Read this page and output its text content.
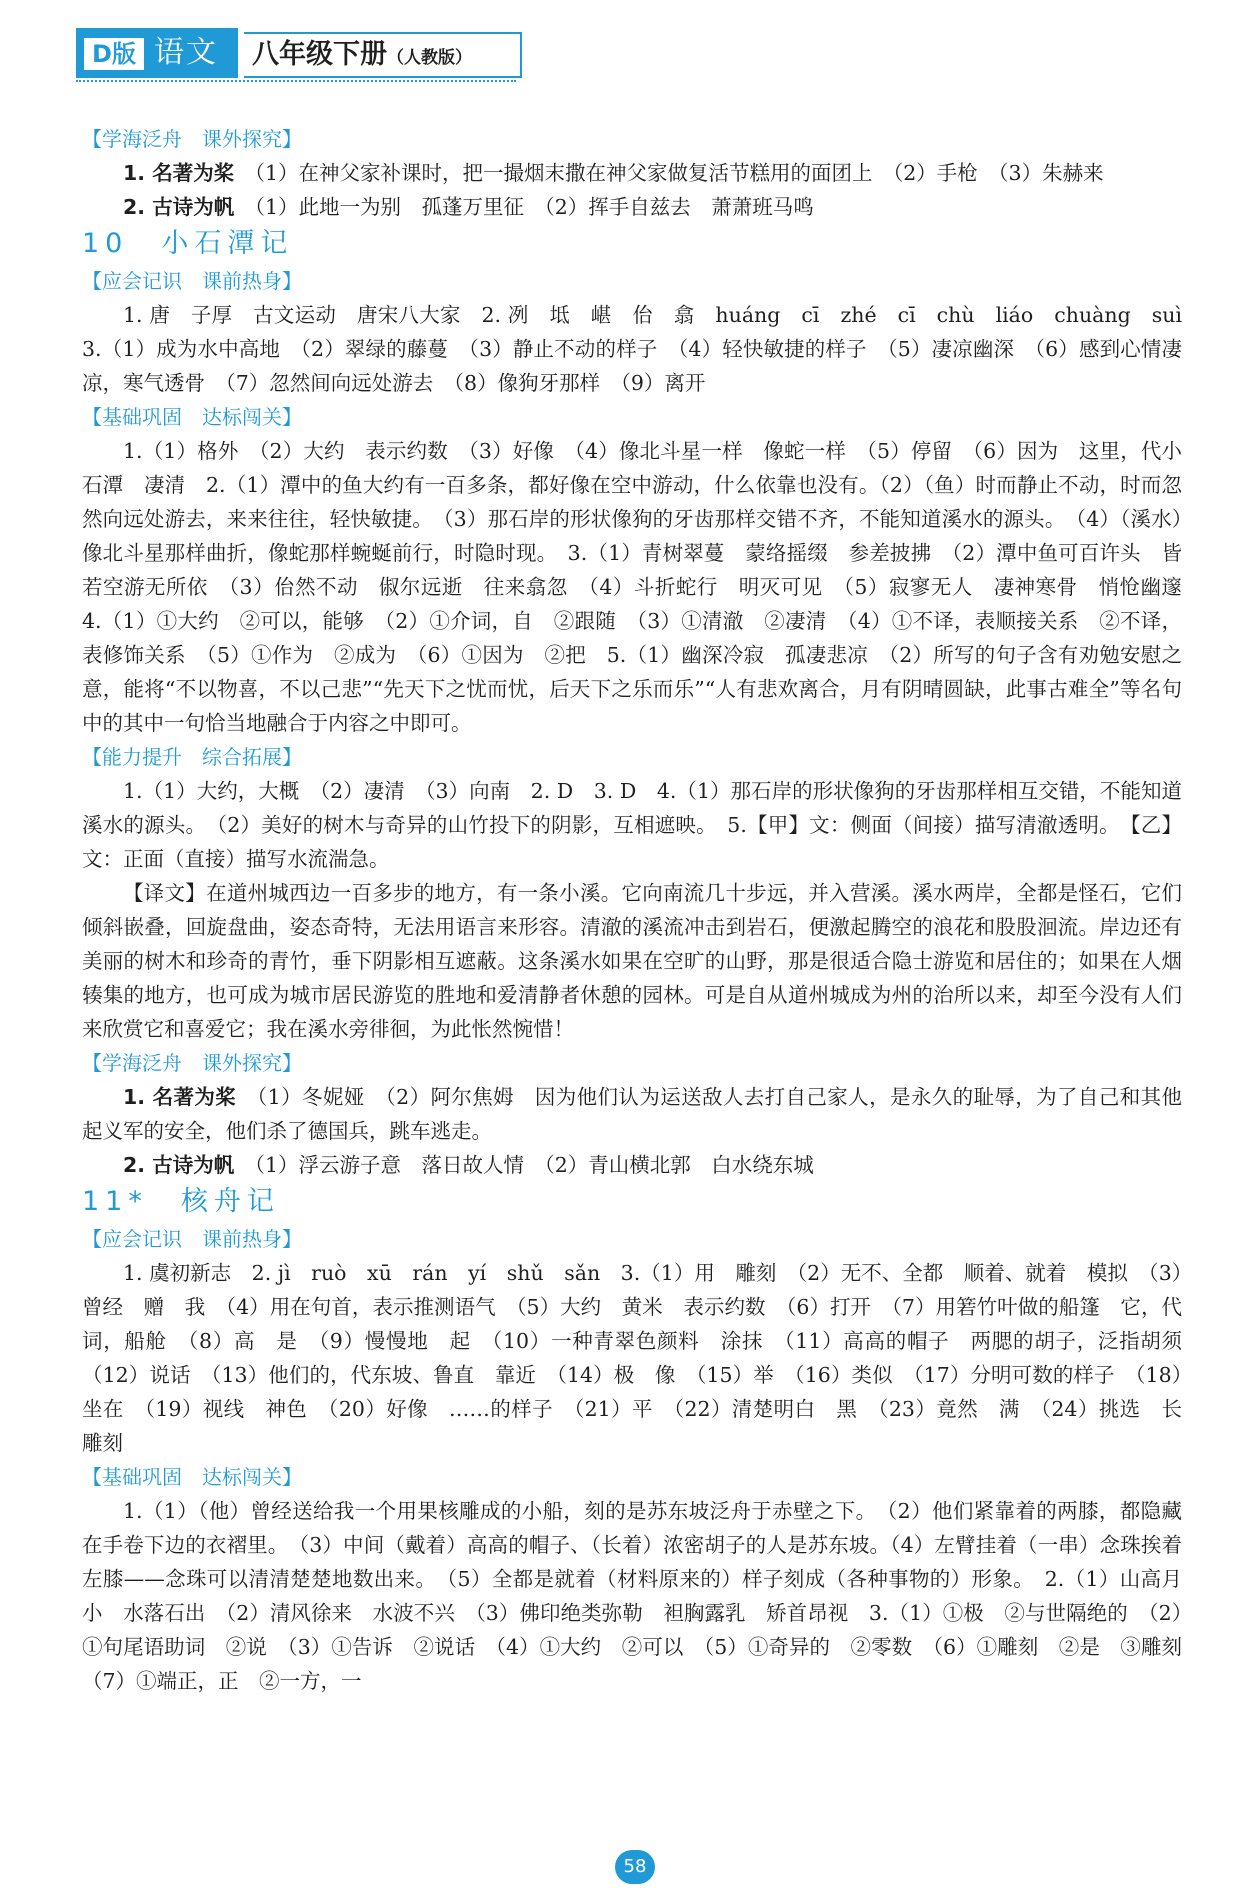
D版 语文 八年级下册（人教版）

【学海泛舟　课外探究】

1. 名著为桨　（1）在神父家补课时，把一撮烟末撒在神父家做复活节糕用的面团上　（2）手枪　（3）朱赫来

2. 古诗为帆　（1）此地一为别　孤蓬万里征　（2）挥手自兹去　萧萧班马鸣

10　小石潭记

【应会记识　课前热身】

1. 唐　子厚　古文运动　唐宋八大家　2. 冽　坻　嵁　佁　翕　huáng　cī　zhé　cī　chù　liáo　chuàng　suì　3.（1）成为水中高地　（2）翠绿的藤蔓　（3）静止不动的样子　（4）轻快敏捷的样子　（5）凄凉幽深　（6）感到心情凄凉，寒气透骨　（7）忽然间向远处游去　（8）像狗牙那样　（9）离开

【基础巩固　达标闯关】

1.（1）格外　（2）大约　表示约数　（3）好像　（4）像北斗星一样　像蛇一样　（5）停留　（6）因为　这里，代小石潭　凄清　2.（1）潭中的鱼大约有一百多条，都好像在空中游动，什么依靠也没有。（2）（鱼）时而静止不动，时而忽然向远处游去，来来往往，轻快敏捷。　（3）那石岸的形状像狗的牙齿那样交错不齐，不能知道溪水的源头。　（4）（溪水）像北斗星那样曲折，像蛇那样蜿蜒前行，时隐时现。　3.（1）青树翠蔓　蒙络摇缀　参差披拂　（2）潭中鱼可百许头　皆若空游无所依　（3）佁然不动　俶尔远逝　往来翕忽　（4）斗折蛇行　明灭可见　（5）寂寥无人　凄神寒骨　悄怆幽邃　4.（1）①大约　②可以，能够　（2）①介词，自　②跟随　（3）①清澈　②凄清　（4）①不译，表顺接关系　②不译，表修饰关系　（5）①作为　②成为　（6）①因为　②把　5.（1）幽深冷寂　孤凄悲凉　（2）所写的句子含有劝勉安慰之意，能将“不以物喜，不以己悲”“先天下之忧而忧，后天下之乐而乐”“人有悲欢离合，月有阴晴圆缺，此事古难全”等名句中的其中一句恰当地融合于内容之中即可。

【能力提升　综合拓展】

1.（1）大约，大概　（2）凄清　（3）向南　2. D　3. D　4.（1）那石岸的形状像狗的牙齿那样相互交错，不能知道溪水的源头。　（2）美好的树木与奇异的山竹投下的阴影，互相遮映。　5.【甲】文：侧面（间接）描写清澈透明。　【乙】文：正面（直接）描写水流湍急。

【译文】在道州城西边一百多步的地方，有一条小溪。它向南流几十步远，并入营溪。溪水两岸，全都是怪石，它们倾斜嵌叠，回旋盘曲，姿态奇特，无法用语言来形容。清澈的溪流冲击到岩石，便激起腾空的浪花和股股洄流。岸边还有美丽的树木和珍奇的青竹，垂下阴影相互遮蔽。这条溪水如果在空旷的山野，那是很适合隐士游览和居住的；如果在人烟辏集的地方，也可成为城市居民游览的胜地和爱清静者休憩的园林。可是自从道州城成为州的治所以来，却至今没有人们来欣赏它和喜爱它；我在溪水旁徘徊，为此怅然惋惜！

【学海泛舟　课外探究】

1. 名著为桨　（1）冬妮娅　（2）阿尔焦姆　因为他们认为运送敌人去打自己家人，是永久的耻辱，为了自己和其他起义军的安全，他们杀了德国兵，跳车逃走。

2. 古诗为帆　（1）浮云游子意　落日故人情　（2）青山横北郭　白水绕东城

11*　核舟记

【应会记识　课前热身】

1. 虞初新志　2. jì　ruò　xū　rán　yí　shǔ　sǎn　3.（1）用　雕刻　（2）无不、全都　顺着、就着　模拟　（3）曾经　赠　我　（4）用在句首，表示推测语气　（5）大约　黄米　表示约数　（6）打开　（7）用箬竹叶做的船篷　它，代词，船舱　（8）高　是　（9）慢慢地　起　（10）一种青翠色颜料　涂抹　（11）高高的帽子　两腮的胡子，泛指胡须　（12）说话　（13）他们的，代东坡、鲁直　靠近　（14）极　像　（15）举　（16）类似　（17）分明可数的样子　（18）坐在　（19）视线　神色　（20）好像　……的样子　（21）平　（22）清楚明白　黑　（23）竟然　满　（24）挑选　长　雕刻

【基础巩固　达标闯关】

1.（1）（他）曾经送给我一个用果核雕成的小船，刻的是苏东坡泛舟于赤壁之下。　（2）他们紧靠着的两膝，都隐藏在手卷下边的衣褶里。　（3）中间（戴着）高高的帽子、（长着）浓密胡子的人是苏东坡。（4）左臂挂着（一串）念珠挨着左膝——念珠可以清清楚楚地数出来。　（5）全都是就着（材料原来的）样子刻成（各种事物的）形象。　2.（1）山高月小　水落石出　（2）清风徐来　水波不兴　（3）佛印绝类弥勒　袒胸露乳　矫首昂视　3.（1）①极　②与世隔绝的　（2）①句尾语助词　②说　（3）①告诉　②说话　（4）①大约　②可以　（5）①奇异的　②零数　（6）①雕刻　②是　③雕刻　（7）①端正，正　②一方，一

58
